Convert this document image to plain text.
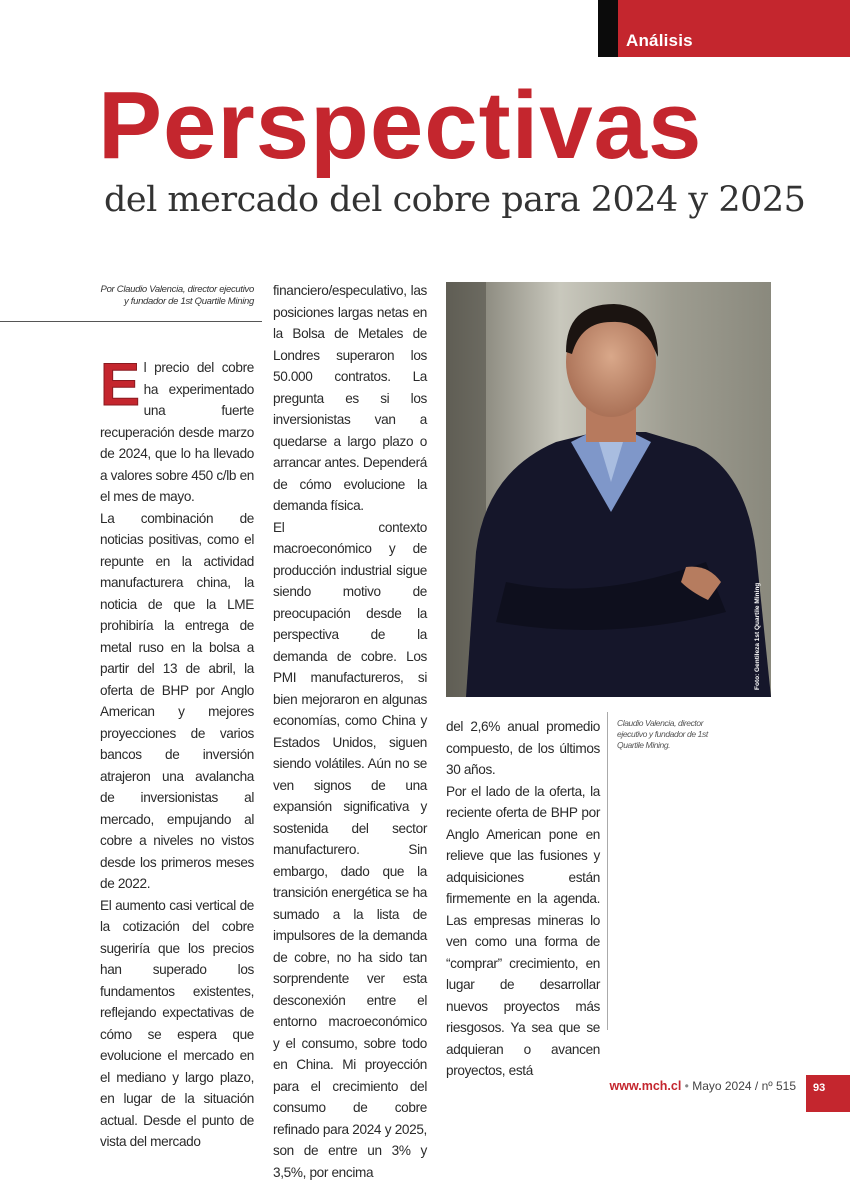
Análisis
Perspectivas
del mercado del cobre para 2024 y 2025
Por Claudio Valencia, director ejecutivo y fundador de 1st Quartile Mining

El precio del cobre ha experimentado una fuerte recuperación desde marzo de 2024, que lo ha llevado a valores sobre 450 c/lb en el mes de mayo.

La combinación de noticias positivas, como el repunte en la actividad manufacturera china, la noticia de que la LME prohibiría la entrega de metal ruso en la bolsa a partir del 13 de abril, la oferta de BHP por Anglo American y mejores proyecciones de varios bancos de inversión atrajeron una avalancha de inversionistas al mercado, empujando al cobre a niveles no vistos desde los primeros meses de 2022.

El aumento casi vertical de la cotización del cobre sugeriría que los precios han superado los fundamentos existentes, reflejando expectativas de cómo se espera que evolucione el mercado en el mediano y largo plazo, en lugar de la situación actual. Desde el punto de vista del mercado

financiero/especulativo, las posiciones largas netas en la Bolsa de Metales de Londres superaron los 50.000 contratos. La pregunta es si los inversionistas van a quedarse a largo plazo o arrancar antes. Dependerá de cómo evolucione la demanda física.

El contexto macroeconómico y de producción industrial sigue siendo motivo de preocupación desde la perspectiva de la demanda de cobre. Los PMI manufactureros, si bien mejoraron en algunas economías, como China y Estados Unidos, siguen siendo volátiles. Aún no se ven signos de una expansión significativa y sostenida del sector manufacturero. Sin embargo, dado que la transición energética se ha sumado a la lista de impulsores de la demanda de cobre, no ha sido tan sorprendente ver esta desconexión entre el entorno macroeconómico y el consumo, sobre todo en China. Mi proyección para el crecimiento del consumo de cobre refinado para 2024 y 2025, son de entre un 3% y 3,5%, por encima

Foto: Gentileza 1st Quartile Mining

del 2,6% anual promedio compuesto, de los últimos 30 años.

Por el lado de la oferta, la reciente oferta de BHP por Anglo American pone en relieve que las fusiones y adquisiciones están firmemente en la agenda. Las empresas mineras lo ven como una forma de “comprar” crecimiento, en lugar de desarrollar nuevos proyectos más riesgosos. Ya sea que se adquieran o avancen proyectos, está

Claudio Valencia, director ejecutivo y fundador de 1st Quartile Mining.
www.mch.cl • Mayo 2024 / nº 515 93
